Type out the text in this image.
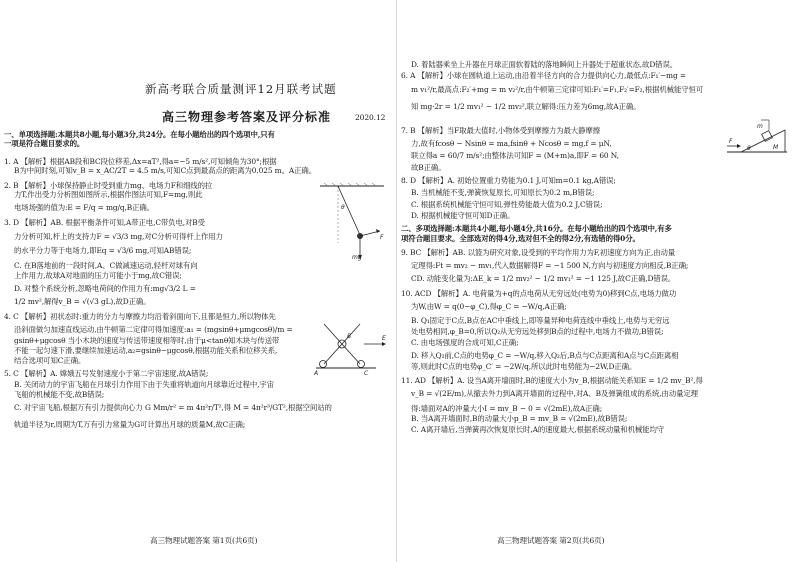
新高考联合质量测评12月联考试题
高三物理参考答案及评分标准	2020.12
一、单项选择题:本题共8小题,每小题3分,共24分。在每小题给出的四个选项中,只有
一项是符合题目要求的。
1. A 【解析】根据AB段和BC段位移差,Δx=aT²,得a=−5 m/s²,可知倾角为30°;根据
B为中间时刻,可知v_B = x_AC/2T = 4.5 m/s,可知C点到最高点的距离为0.025 m。A正确。
2. B 【解析】小球保持静止时受到重力mg、电场力F和细线的拉
力T,作出受力分析图如图所示,根据作图法可知,F=mg,则此
电场场强的值为:E = F/q = mg/q,B正确。
3. D 【解析】AB. 根据平衡条件可知,A带正电,C带负电,对B受
力分析可知,杆上的支持力F = √3/3 mg,对C分析可得杆上作用力
的水平分力等于电场力,即Eq = √3/6 mg,可知AB错误;
C. 在B落地前的一段时间,A、C做减速运动,轻杆对球有向
上作用力,故球A对地面的压力可能小于mg,故C错误;
D. 对整个系统分析,忽略电荷间的作用力有:mg√3/2 L =
1/2 mv²,解得v_B = √(√3 gL),故D正确。
4. C 【解析】初状态时:重力的分力与摩擦力均沿着斜面向下,且都是恒力,所以物体先
沿斜面做匀加速直线运动,由牛顿第二定律可得加速度:a₁ = (mgsinθ+μmgcosθ)/m =
gsinθ+μgcosθ 当小木块的速度与传送带速度相等时,由于μ<tanθ知木块与传送带
不能一起匀速下滑,要继续加速运动,a₂=gsinθ−μgcosθ,根据功能关系和位移关系,
结合选项可知C正确。
5. C 【解析】A. 嫦娥五号发射速度小于第二宇宙速度,故A错误;
B. 关闭动力的宇宙飞船在月球引力作用下由于失重将轨道向月球靠近过程中,宇宙
飞船的机械能不变,故B错误;
C. 对宇宙飞船,根据万有引力提供向心力 G Mm/r² = m 4π²r/T²,得 M = 4π²r³/GT²,根据空间站的
轨道半径为r,周期为T,万有引力常量为G可计算出月球的质量M,故C正确;
θ
F
mg
B
A	C
E
高三物理试题答案 第1页(共6页)
D. 着陆器乘坐上升器在月球正面软着陆的落地瞬间上升器处于超重状态,故D错误。
6. A 【解析】小球在圆轨道上运动,由沿着半径方向的合力提供向心力,最低点:F₁′−mg =
m v₁²/r,最高点:F₂′+mg = m v₂²/r,由牛顿第三定律可知:F₁′=F₁,F₂′=F₂,根据机械能守恒可
知 mg·2r = 1/2 mv₁² − 1/2 mv₂²,联立解得:压力差为6mg,故A正确。
7. B 【解析】当F取最大值时,小物体受到摩擦力为最大静摩擦
力,故有fcosθ − Nsinθ = ma,fsinθ + Ncosθ = mg,f = μN,
联立得a = 60/7 m/s²;由整体法可知F = (M+m)a,即F = 60 N,
故B正确。
8. D 【解析】A. 初始位置重力势能为0.1 J,可知m=0.1 kg,A错误;
B. 当机械能不变,弹簧恢复原长,可知原长为0.2 m,B错误;
C. 根据系统机械能守恒可知,弹性势能最大值为0.2 J,C错误;
D. 根据机械能守恒可知D正确。
二、多项选择题:本题共4小题,每小题4分,共16分。在每小题给出的四个选项中,有多
项符合题目要求。全部选对的得4分,选对但不全的得2分,有选错的得0分。
9. BC 【解析】AB. 以篮为研究对象,设受到的平均作用力为F,初速度方向为正,由动量
定理得:Ft = mv₂ − mv₁,代入数据解得F = −1 500 N,方向与初速度方向相反,B正确;
CD. 动能变化量为:ΔE_k = 1/2 mv₂² − 1/2 mv₁² = −1 125 J,故C正确,D错误。
10. ACD 【解析】A. 电荷量为+q的点电荷从无穷远处(电势为0)移到C点,电场力做功
为W,由W = q(0−φ_C),得φ_C = −W/q,A正确;
B. Q₁固定于C点,B点在AC中垂线上,即等量异种电荷连线中垂线上,电势与无穷远
处电势相同,φ_B=0,所以Q₂从无穷远处移到B点的过程中,电场力不做功,B错误;
C. 由电场强度的合成可知,C正确;
D. 移入Q₂前,C点的电势φ_C = −W/q,移入Q₂后,B点与C点距离和A点与C点距离相
等,则此时C点的电势φ_C′ = −2W/q,所以此时电势能为−2W,D正确。
11. AD 【解析】A. 设当A离开墙面时,B的速度大小为v_B,根据动能关系知E = 1/2 mv_B²,得
v_B = √(2E/m),从撤去外力到A离开墙面的过程中,对A、B及弹簧组成的系统,由动量定理
得:墙面对A的冲量大小I = mv_B − 0 = √(2mE),故A正确;
B. 当A离开墙面时,B的动量大小p_B = mv_B = √(2mE),故B错误;
C. A离开墙后,当弹簧再次恢复原长时,A的速度最大,根据系统动量和机械能均守
F
M
θ
m
高三物理试题答案 第2页(共6页)
